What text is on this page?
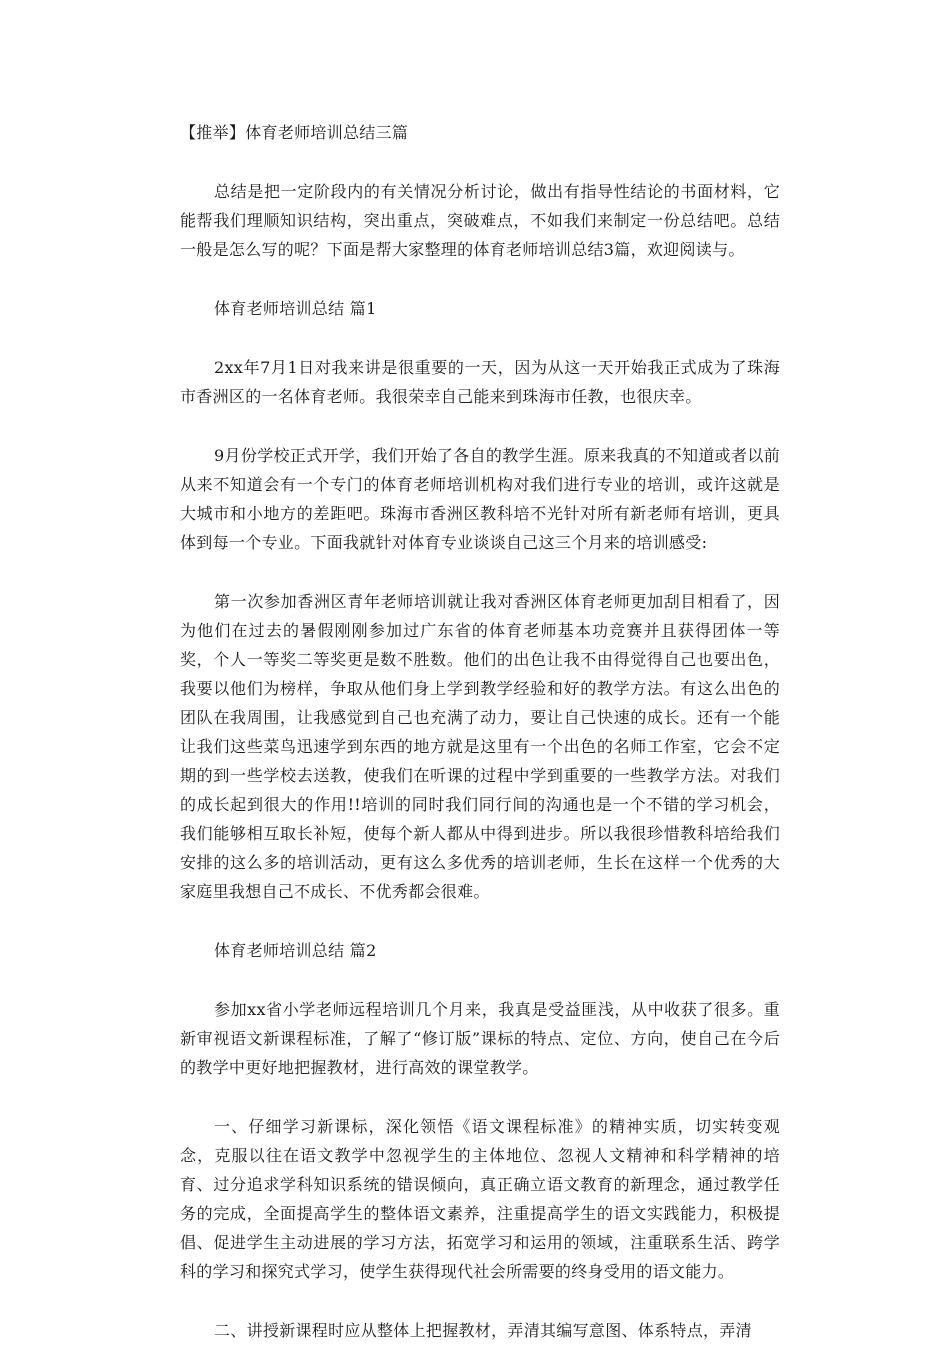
【推举】体育老师培训总结三篇

总结是把一定阶段内的有关情况分析讨论，做出有指导性结论的书面材料，它能帮我们理顺知识结构，突出重点，突破难点，不如我们来制定一份总结吧。总结一般是怎么写的呢？下面是帮大家整理的体育老师培训总结3篇，欢迎阅读与。

体育老师培训总结 篇1

2xx年7月1日对我来讲是很重要的一天，因为从这一天开始我正式成为了珠海市香洲区的一名体育老师。我很荣幸自己能来到珠海市任教，也很庆幸。

9月份学校正式开学，我们开始了各自的教学生涯。原来我真的不知道或者以前从来不知道会有一个专门的体育老师培训机构对我们进行专业的培训，或许这就是大城市和小地方的差距吧。珠海市香洲区教科培不光针对所有新老师有培训，更具体到每一个专业。下面我就针对体育专业谈谈自己这三个月来的培训感受:

第一次参加香洲区青年老师培训就让我对香洲区体育老师更加刮目相看了，因为他们在过去的暑假刚刚参加过广东省的体育老师基本功竞赛并且获得团体一等奖，个人一等奖二等奖更是数不胜数。他们的出色让我不由得觉得自己也要出色，我要以他们为榜样，争取从他们身上学到教学经验和好的教学方法。有这么出色的团队在我周围，让我感觉到自己也充满了动力，要让自己快速的成长。还有一个能让我们这些菜鸟迅速学到东西的地方就是这里有一个出色的名师工作室，它会不定期的到一些学校去送教，使我们在听课的过程中学到重要的一些教学方法。对我们的成长起到很大的作用!!培训的同时我们同行间的沟通也是一个不错的学习机会，我们能够相互取长补短，使每个新人都从中得到进步。所以我很珍惜教科培给我们安排的这么多的培训活动，更有这么多优秀的培训老师，生长在这样一个优秀的大家庭里我想自己不成长、不优秀都会很难。

体育老师培训总结 篇2

参加xx省小学老师远程培训几个月来，我真是受益匪浅，从中收获了很多。重新审视语文新课程标准，了解了“修订版”课标的特点、定位、方向，使自己在今后的教学中更好地把握教材，进行高效的课堂教学。

一、仔细学习新课标，深化领悟《语文课程标准》的精神实质，切实转变观念，克服以往在语文教学中忽视学生的主体地位、忽视人文精神和科学精神的培育、过分追求学科知识系统的错误倾向，真正确立语文教育的新理念，通过教学任务的完成，全面提高学生的整体语文素养，注重提高学生的语文实践能力，积极提倡、促进学生主动进展的学习方法，拓宽学习和运用的领域，注重联系生活、跨学科的学习和探究式学习，使学生获得现代社会所需要的终身受用的语文能力。

二、讲授新课程时应从整体上把握教材，弄清其编写意图、体系特点，弄清
